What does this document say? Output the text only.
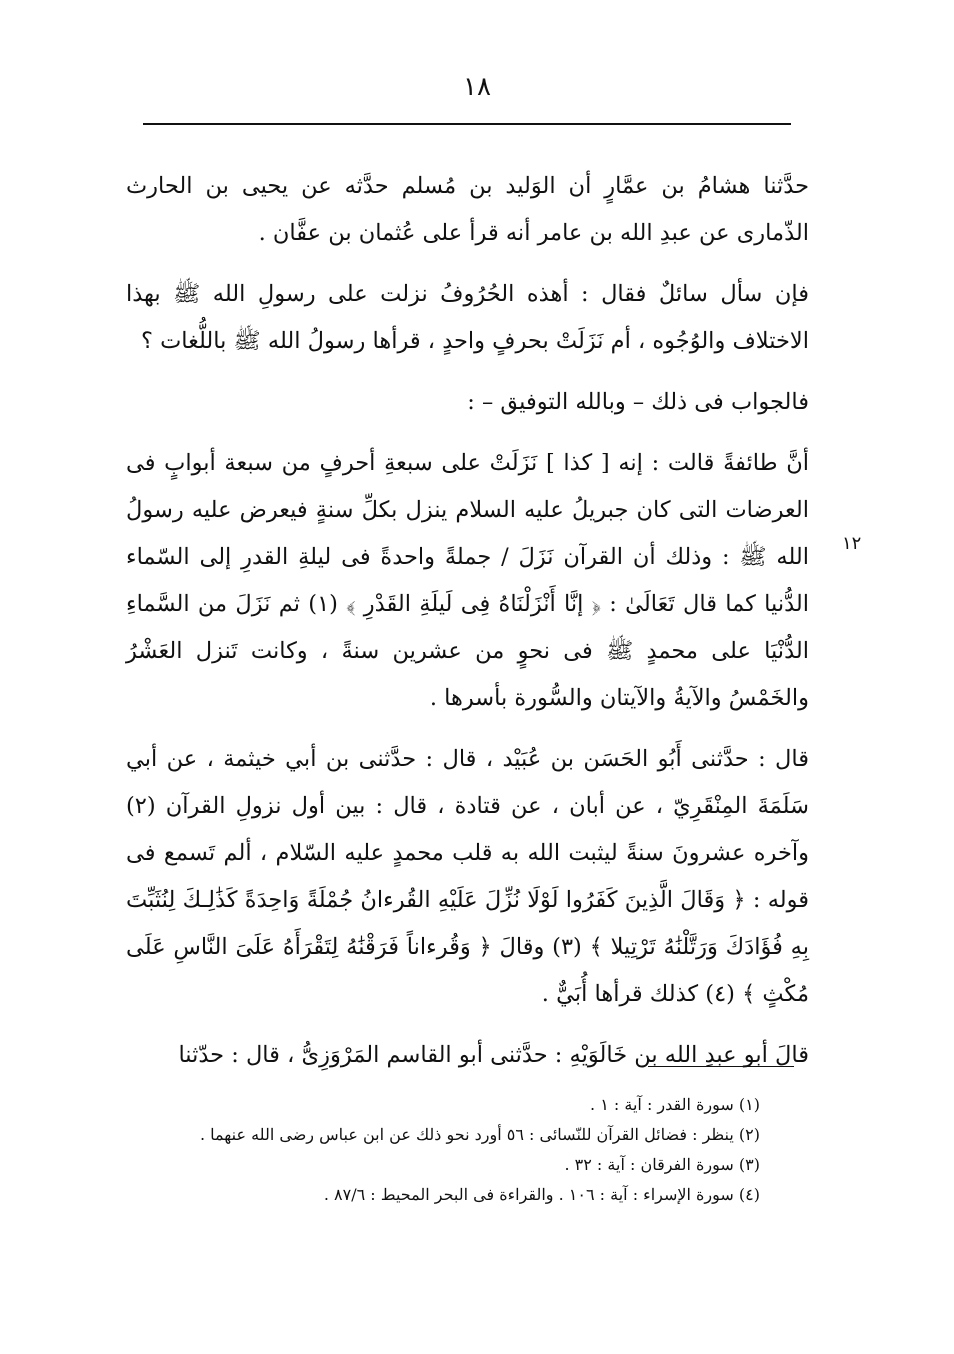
١٨
١٢

حدَّثنا هشامُ بن عمَّارٍ أن الوَليد بن مُسلم حدَّثه عن يحيى بن الحارث الذّمارى عن عبدِ الله بن عامر أنه قرأ على عُثمان بن عفَّان .

فإن سأل سائلٌ فقال : أهذه الحُرُوفُ نزلت على رسولِ الله ﷺ بهذا الاختلاف والوُجُوه ، أم نَزَلَتْ بحرفٍ واحدٍ ، قرأها رسولُ الله ﷺ باللُّغات ؟

فالجواب فى ذلك – وبالله التوفيق – :

أنَّ طائفةً قالت : إنه [ كذا ] نَزَلَتْ على سبعةِ أحرفٍ من سبعة أبوابٍ فى العرضات التى كان جبريلُ عليه السلام ينزل بكلِّ سنةٍ فيعرض عليه رسولُ الله ﷺ : وذلك أن القرآن نَزَلَ / جملةً واحدةً فى ليلةِ القدرِ إلى السّماء الدُّنيا كما قال تَعَالَىٰ : ﴿ إنَّا أَنْزَلْنَاهُ فِى لَيلَةِ القَدْرِ ﴾ (١) ثم نَزَلَ من السَّماءِ الدُّنْيَا على محمدٍ ﷺ فى نحوٍ من عشرين سنةً ، وكانت تَنزل العَشْرُ والخَمْسُ والآيةُ والآيتان والسُّورة بأسرها .

قال : حدَّثنى أَبُو الحَسَن بن عُبَيْد ، قال : حدَّثنى بن أبي خيثمة ، عن أبي سَلَمَةَ المِنْقَرِيّ ، عن أبان ، عن قتادة ، قال : بين أول نزولِ القرآن (٢) وآخره عشرونَ سنةً ليثبت الله به قلب محمدٍ عليه السّلام ، ألم تَسمع فى قوله : ﴿ وَقَالَ الَّذِينَ كَفَرُوا لَوْلَا نُزِّلَ عَلَيْهِ القُرءانُ جُمْلَةً وَاحِدَةً كَذَٰلِـكَ لِنُثَبِّتَ بِهِ فُؤَادَكَ وَرَتَّلْنَٰهُ تَرْتِيلا ﴾ (٣) وقالَ ﴿ وَقُرءاناً فَرَقْنَٰهُ لِتَقْرَأَهُ عَلَىَ النَّاسِ عَلَى مُكْثٍ ﴾ (٤) كذلك قرأها أُبَيٌّ .

قالَ أبو عبدِ الله بن خَالَوَيْهِ : حدَّثنى أبو القاسم المَرْوَزِىُّ ، قال : حدّثنا

(١) سورة القدر : آية : ١ .
(٢) ينظر : فضائل القرآن للنّسائى : ٥٦ أورد نحو ذلك عن ابن عباس رضى الله عنهما .
(٣) سورة الفرقان : آية : ٣٢ .
(٤) سورة الإسراء : آية : ١٠٦ . والقراءة فى البحر المحيط : ٨٧/٦ .
